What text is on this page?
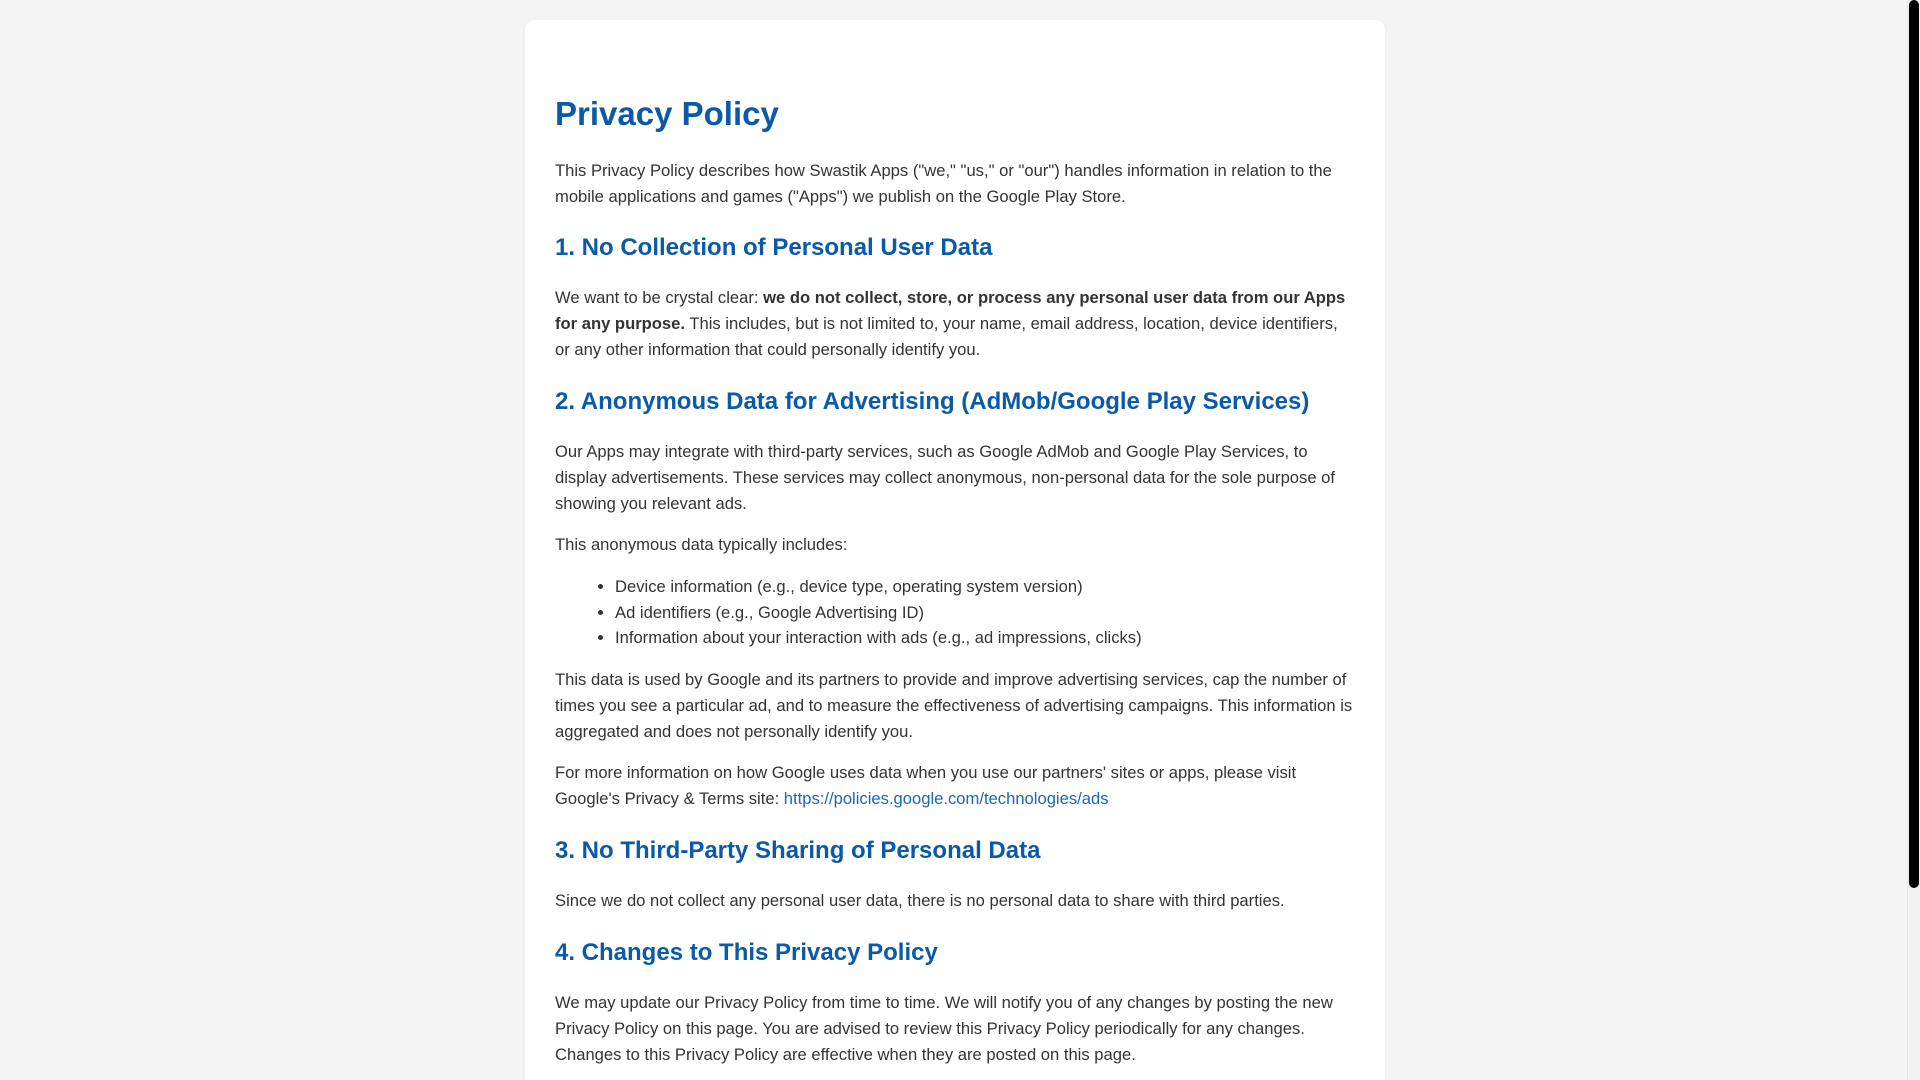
Privacy Policy

This Privacy Policy describes how Swastik Apps ("we," "us," or "our") handles information in relation to the mobile applications and games ("Apps") we publish on the Google Play Store.

1. No Collection of Personal User Data

We want to be crystal clear: we do not collect, store, or process any personal user data from our Apps for any purpose. This includes, but is not limited to, your name, email address, location, device identifiers, or any other information that could personally identify you.

2. Anonymous Data for Advertising (AdMob/Google Play Services)

Our Apps may integrate with third-party services, such as Google AdMob and Google Play Services, to display advertisements. These services may collect anonymous, non-personal data for the sole purpose of showing you relevant ads.

This anonymous data typically includes:

• Device information (e.g., device type, operating system version)
• Ad identifiers (e.g., Google Advertising ID)
• Information about your interaction with ads (e.g., ad impressions, clicks)

This data is used by Google and its partners to provide and improve advertising services, cap the number of times you see a particular ad, and to measure the effectiveness of advertising campaigns. This information is aggregated and does not personally identify you.

For more information on how Google uses data when you use our partners' sites or apps, please visit Google's Privacy & Terms site: https://policies.google.com/technologies/ads

3. No Third-Party Sharing of Personal Data

Since we do not collect any personal user data, there is no personal data to share with third parties.

4. Changes to This Privacy Policy

We may update our Privacy Policy from time to time. We will notify you of any changes by posting the new Privacy Policy on this page. You are advised to review this Privacy Policy periodically for any changes. Changes to this Privacy Policy are effective when they are posted on this page.
